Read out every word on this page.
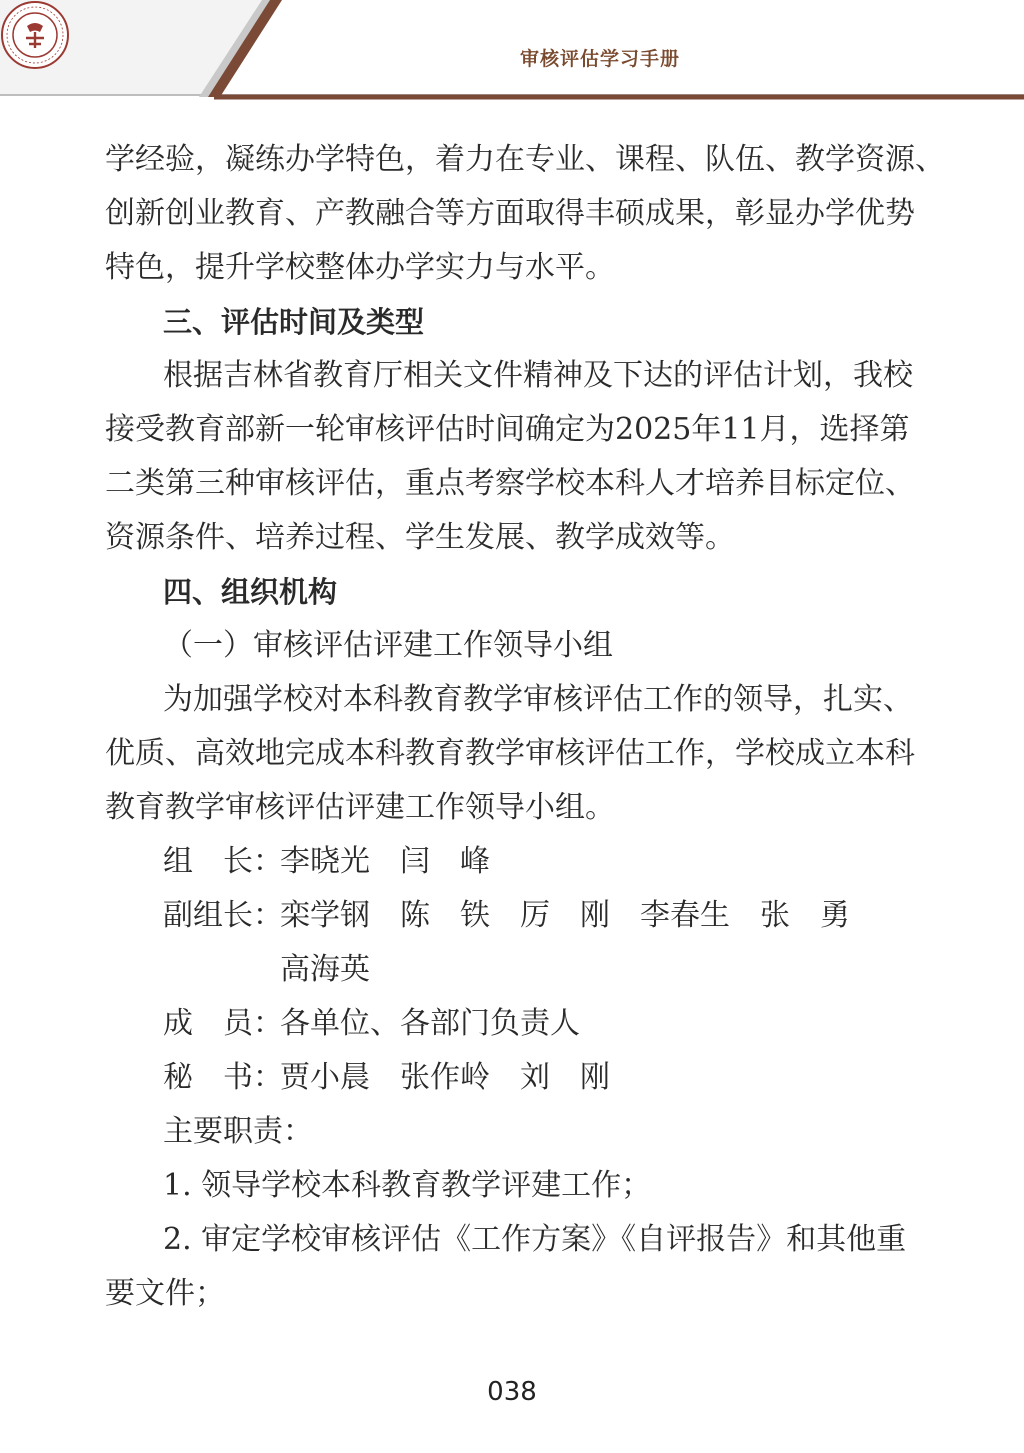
审核评估学习手册
学经验，凝练办学特色，着力在专业、课程、队伍、教学资源、
创新创业教育、产教融合等方面取得丰硕成果，彰显办学优势
特色，提升学校整体办学实力与水平。
三、评估时间及类型
根据吉林省教育厅相关文件精神及下达的评估计划，我校
接受教育部新一轮审核评估时间确定为2025年11月，选择第
二类第三种审核评估，重点考察学校本科人才培养目标定位、
资源条件、培养过程、学生发展、教学成效等。
四、组织机构
（一）审核评估评建工作领导小组
为加强学校对本科教育教学审核评估工作的领导，扎实、
优质、高效地完成本科教育教学审核评估工作，学校成立本科
教育教学审核评估评建工作领导小组。
组　长：
李晓光　闫　峰
副组长：
栾学钢　陈　铁　厉　刚　李春生　张　勇
高海英
成　员：
各单位、各部门负责人
秘　书：
贾小晨　张作岭　刘　刚
主要职责：
1. 领导学校本科教育教学评建工作；
2. 审定学校审核评估《工作方案》《自评报告》和其他重
要文件；
038
